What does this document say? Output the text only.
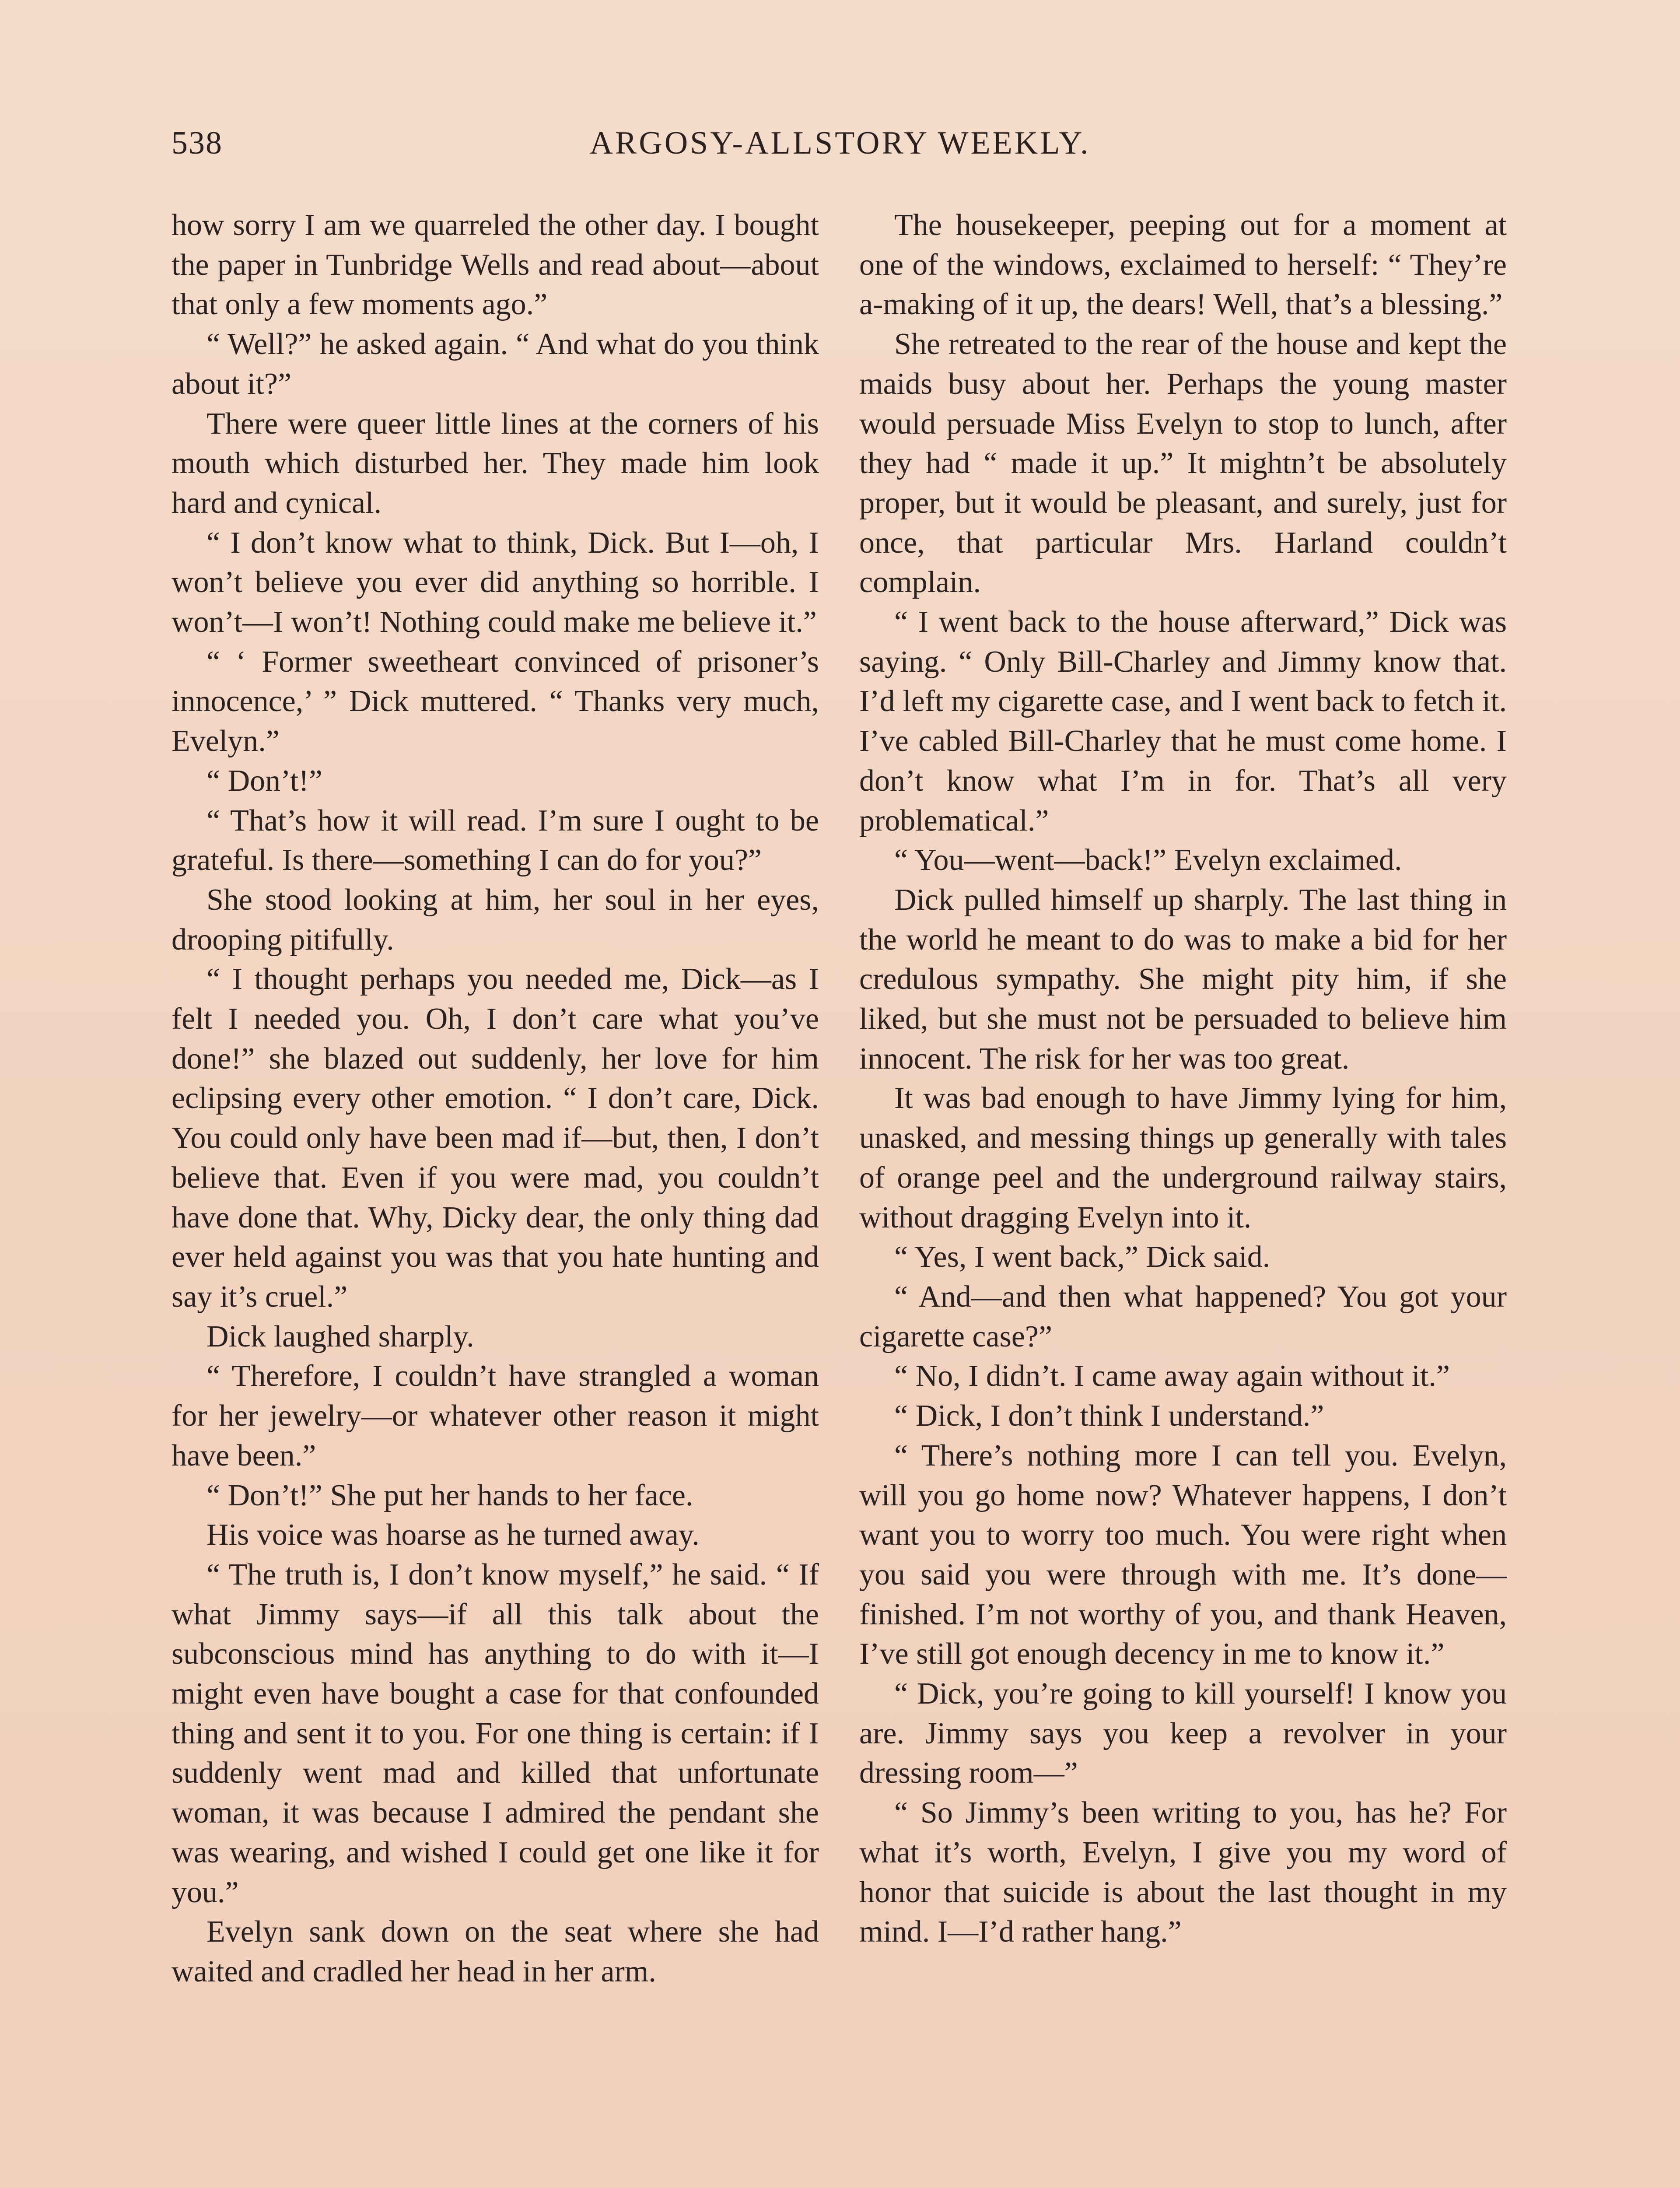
538	ARGOSY-ALLSTORY WEEKLY.

how sorry I am we quarreled the other day. I bought the paper in Tunbridge Wells and read about—about that only a few moments ago.”

“ Well?” he asked again. “ And what do you think about it?”

There were queer little lines at the corners of his mouth which disturbed her. They made him look hard and cynical.

“ I don’t know what to think, Dick. But I—oh, I won’t believe you ever did anything so horrible. I won’t—I won’t! Nothing could make me believe it.”

“ ‘ Former sweetheart convinced of prisoner’s innocence,’ ” Dick muttered. “ Thanks very much, Evelyn.”

“ Don’t!”

“ That’s how it will read. I’m sure I ought to be grateful. Is there—something I can do for you?”

She stood looking at him, her soul in her eyes, drooping pitifully.

“ I thought perhaps you needed me, Dick—as I felt I needed you. Oh, I don’t care what you’ve done!” she blazed out suddenly, her love for him eclipsing every other emotion. “ I don’t care, Dick. You could only have been mad if—but, then, I don’t believe that. Even if you were mad, you couldn’t have done that. Why, Dicky dear, the only thing dad ever held against you was that you hate hunting and say it’s cruel.”

Dick laughed sharply.

“ Therefore, I couldn’t have strangled a woman for her jewelry—or whatever other reason it might have been.”

“ Don’t!” She put her hands to her face.

His voice was hoarse as he turned away.

“ The truth is, I don’t know myself,” he said. “ If what Jimmy says—if all this talk about the subconscious mind has anything to do with it—I might even have bought a case for that confounded thing and sent it to you. For one thing is certain: if I suddenly went mad and killed that unfortunate woman, it was because I admired the pendant she was wearing, and wished I could get one like it for you.”

Evelyn sank down on the seat where she had waited and cradled her head in her arm.

The housekeeper, peeping out for a moment at one of the windows, exclaimed to herself: “ They’re a-making of it up, the dears! Well, that’s a blessing.”

She retreated to the rear of the house and kept the maids busy about her. Perhaps the young master would persuade Miss Evelyn to stop to lunch, after they had “ made it up.” It mightn’t be absolutely proper, but it would be pleasant, and surely, just for once, that particular Mrs. Harland couldn’t complain.

“ I went back to the house afterward,” Dick was saying. “ Only Bill-Charley and Jimmy know that. I’d left my cigarette case, and I went back to fetch it. I’ve cabled Bill-Charley that he must come home. I don’t know what I’m in for. That’s all very problematical.”

“ You—went—back!” Evelyn exclaimed.

Dick pulled himself up sharply. The last thing in the world he meant to do was to make a bid for her credulous sympathy. She might pity him, if she liked, but she must not be persuaded to believe him innocent. The risk for her was too great.

It was bad enough to have Jimmy lying for him, unasked, and messing things up generally with tales of orange peel and the underground railway stairs, without dragging Evelyn into it.

“ Yes, I went back,” Dick said.

“ And—and then what happened? You got your cigarette case?”

“ No, I didn’t. I came away again without it.”

“ Dick, I don’t think I understand.”

“ There’s nothing more I can tell you. Evelyn, will you go home now? Whatever happens, I don’t want you to worry too much. You were right when you said you were through with me. It’s done—finished. I’m not worthy of you, and thank Heaven, I’ve still got enough decency in me to know it.”

“ Dick, you’re going to kill yourself! I know you are. Jimmy says you keep a revolver in your dressing room—”

“ So Jimmy’s been writing to you, has he? For what it’s worth, Evelyn, I give you my word of honor that suicide is about the last thought in my mind. I—I’d rather hang.”
